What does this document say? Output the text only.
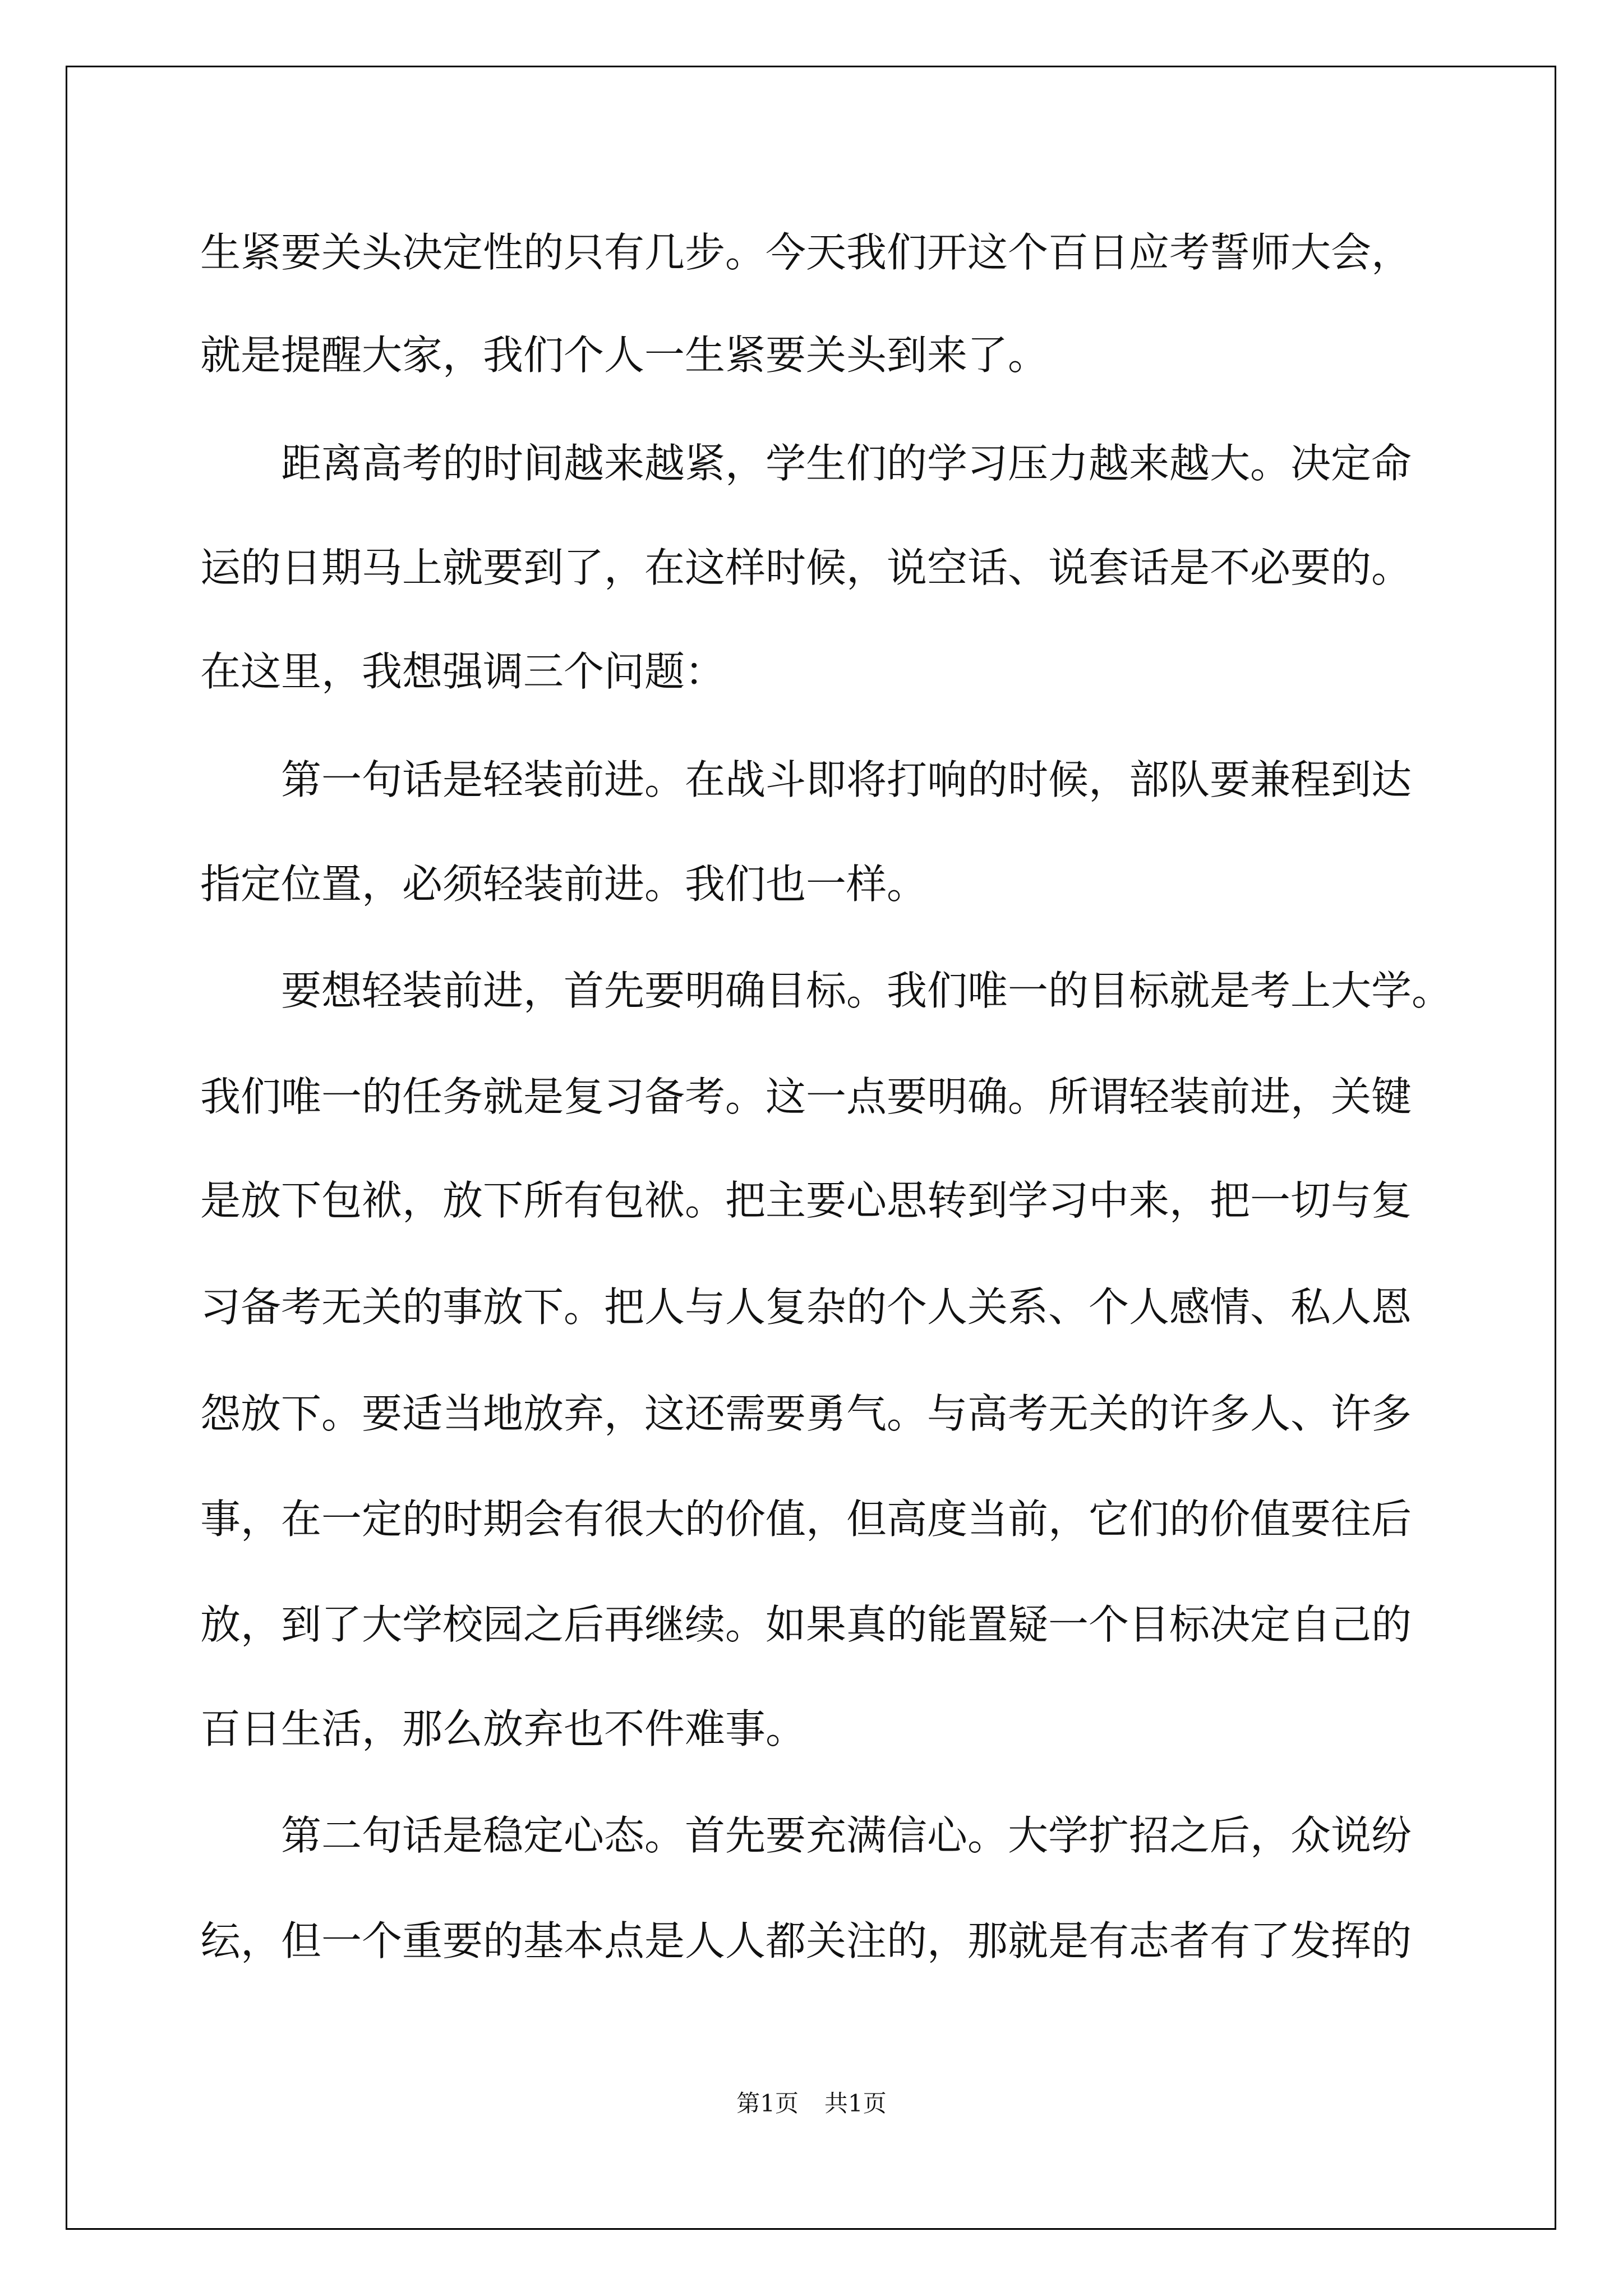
生紧要关头决定性的只有几步。今天我们开这个百日应考誓师大会，
就是提醒大家，我们个人一生紧要关头到来了。
距离高考的时间越来越紧，学生们的学习压力越来越大。决定命
运的日期马上就要到了，在这样时候，说空话、说套话是不必要的。
在这里，我想强调三个问题：
第一句话是轻装前进。在战斗即将打响的时候，部队要兼程到达
指定位置，必须轻装前进。我们也一样。
要想轻装前进，首先要明确目标。我们唯一的目标就是考上大学。
我们唯一的任务就是复习备考。这一点要明确。所谓轻装前进，关键
是放下包袱，放下所有包袱。把主要心思转到学习中来，把一切与复
习备考无关的事放下。把人与人复杂的个人关系、个人感情、私人恩
怨放下。要适当地放弃，这还需要勇气。与高考无关的许多人、许多
事，在一定的时期会有很大的价值，但高度当前，它们的价值要往后
放，到了大学校园之后再继续。如果真的能置疑一个目标决定自己的
百日生活，那么放弃也不件难事。
第二句话是稳定心态。首先要充满信心。大学扩招之后，众说纷
纭，但一个重要的基本点是人人都关注的，那就是有志者有了发挥的
第1页 共1页
